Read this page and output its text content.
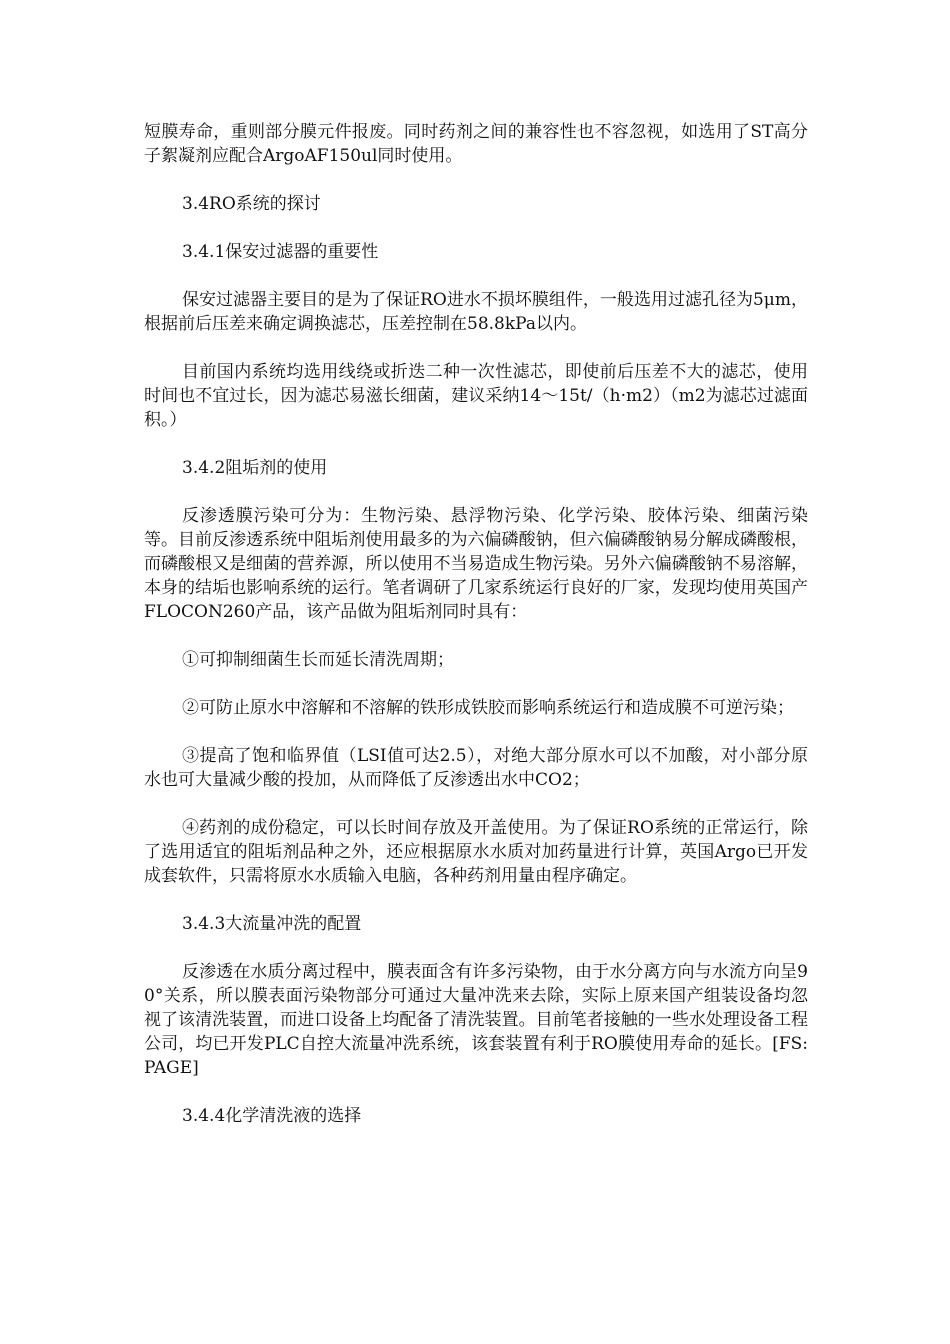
短膜寿命，重则部分膜元件报废。同时药剂之间的兼容性也不容忽视，如选用了ST高分子絮凝剂应配合ArgoAF150ul同时使用。

3.4RO系统的探讨

3.4.1保安过滤器的重要性

保安过滤器主要目的是为了保证RO进水不损坏膜组件，一般选用过滤孔径为5μm，根据前后压差来确定调换滤芯，压差控制在58.8kPa以内。

目前国内系统均选用线绕或折迭二种一次性滤芯，即使前后压差不大的滤芯，使用时间也不宜过长，因为滤芯易滋长细菌，建议采纳14～15t/（h·m2）（m2为滤芯过滤面积。）

3.4.2阻垢剂的使用

反渗透膜污染可分为：生物污染、悬浮物污染、化学污染、胶体污染、细菌污染等。目前反渗透系统中阻垢剂使用最多的为六偏磷酸钠，但六偏磷酸钠易分解成磷酸根，而磷酸根又是细菌的营养源，所以使用不当易造成生物污染。另外六偏磷酸钠不易溶解，本身的结垢也影响系统的运行。笔者调研了几家系统运行良好的厂家，发现均使用英国产FLOCON260产品，该产品做为阻垢剂同时具有：

①可抑制细菌生长而延长清洗周期；

②可防止原水中溶解和不溶解的铁形成铁胶而影响系统运行和造成膜不可逆污染；

③提高了饱和临界值（LSI值可达2.5），对绝大部分原水可以不加酸，对小部分原水也可大量减少酸的投加，从而降低了反渗透出水中CO2；

④药剂的成份稳定，可以长时间存放及开盖使用。为了保证RO系统的正常运行，除了选用适宜的阻垢剂品种之外，还应根据原水水质对加药量进行计算，英国Argo已开发成套软件，只需将原水水质输入电脑，各种药剂用量由程序确定。

3.4.3大流量冲洗的配置

反渗透在水质分离过程中，膜表面含有许多污染物，由于水分离方向与水流方向呈90°关系，所以膜表面污染物部分可通过大量冲洗来去除，实际上原来国产组装设备均忽视了该清洗装置，而进口设备上均配备了清洗装置。目前笔者接触的一些水处理设备工程公司，均已开发PLC自控大流量冲洗系统，该套装置有利于RO膜使用寿命的延长。[FS:PAGE]

3.4.4化学清洗液的选择
